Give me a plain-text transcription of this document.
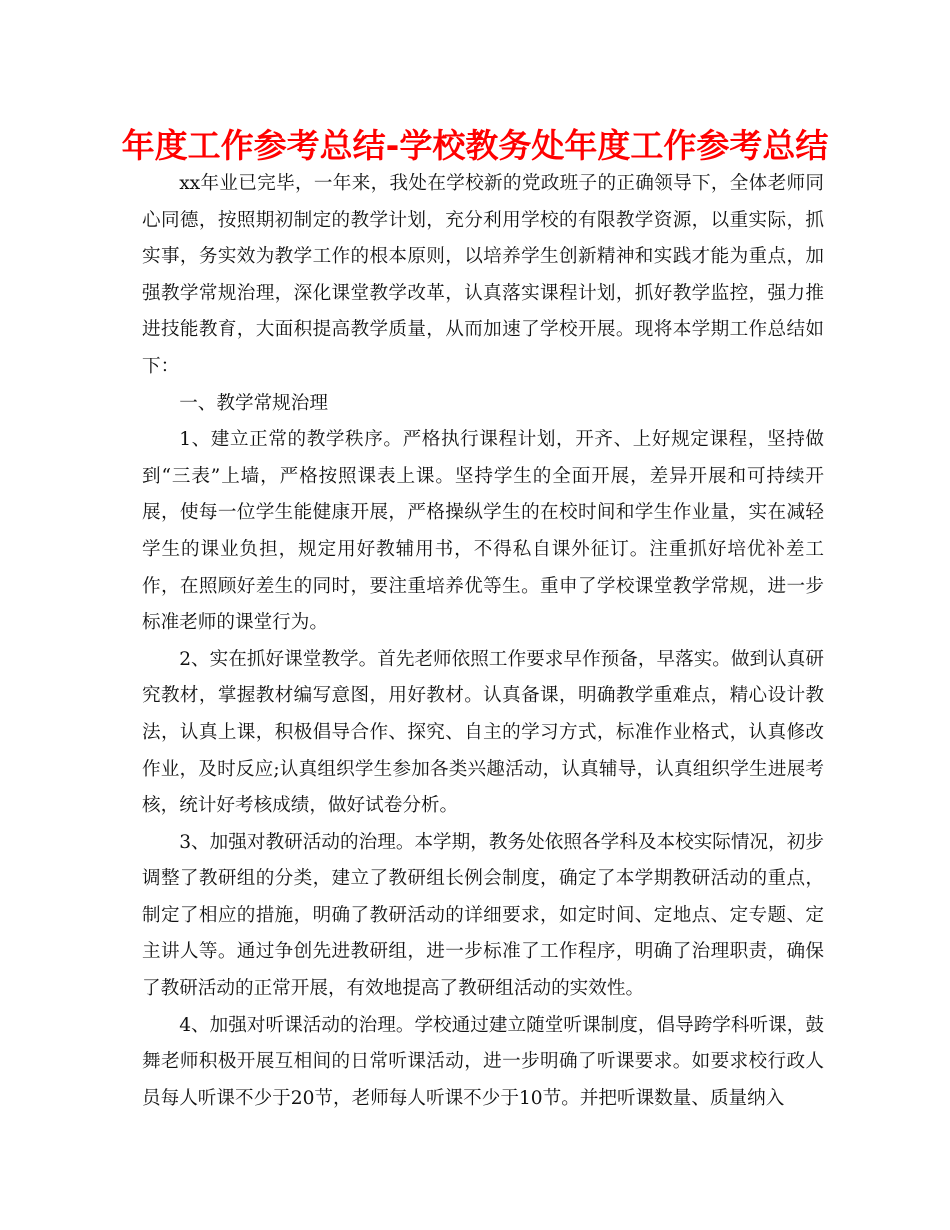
年度工作参考总结-学校教务处年度工作参考总结

xx年业已完毕，一年来，我处在学校新的党政班子的正确领导下，全体老师同心同德，按照期初制定的教学计划，充分利用学校的有限教学资源，以重实际，抓实事，务实效为教学工作的根本原则，以培养学生创新精神和实践才能为重点，加强教学常规治理，深化课堂教学改革，认真落实课程计划，抓好教学监控，强力推进技能教育，大面积提高教学质量，从而加速了学校开展。现将本学期工作总结如下：

一、教学常规治理

1、建立正常的教学秩序。严格执行课程计划，开齐、上好规定课程，坚持做到“三表”上墙，严格按照课表上课。坚持学生的全面开展，差异开展和可持续开展，使每一位学生能健康开展，严格操纵学生的在校时间和学生作业量，实在减轻学生的课业负担，规定用好教辅用书，不得私自课外征订。注重抓好培优补差工作，在照顾好差生的同时，要注重培养优等生。重申了学校课堂教学常规，进一步标准老师的课堂行为。

2、实在抓好课堂教学。首先老师依照工作要求早作预备，早落实。做到认真研究教材，掌握教材编写意图，用好教材。认真备课，明确教学重难点，精心设计教法，认真上课，积极倡导合作、探究、自主的学习方式，标准作业格式，认真修改作业，及时反应;认真组织学生参加各类兴趣活动，认真辅导，认真组织学生进展考核，统计好考核成绩，做好试卷分析。

3、加强对教研活动的治理。本学期，教务处依照各学科及本校实际情况，初步调整了教研组的分类，建立了教研组长例会制度，确定了本学期教研活动的重点，制定了相应的措施，明确了教研活动的详细要求，如定时间、定地点、定专题、定主讲人等。通过争创先进教研组，进一步标准了工作程序，明确了治理职责，确保了教研活动的正常开展，有效地提高了教研组活动的实效性。

4、加强对听课活动的治理。学校通过建立随堂听课制度，倡导跨学科听课，鼓舞老师积极开展互相间的日常听课活动，进一步明确了听课要求。如要求校行政人员每人听课不少于20节，老师每人听课不少于10节。并把听课数量、质量纳入
